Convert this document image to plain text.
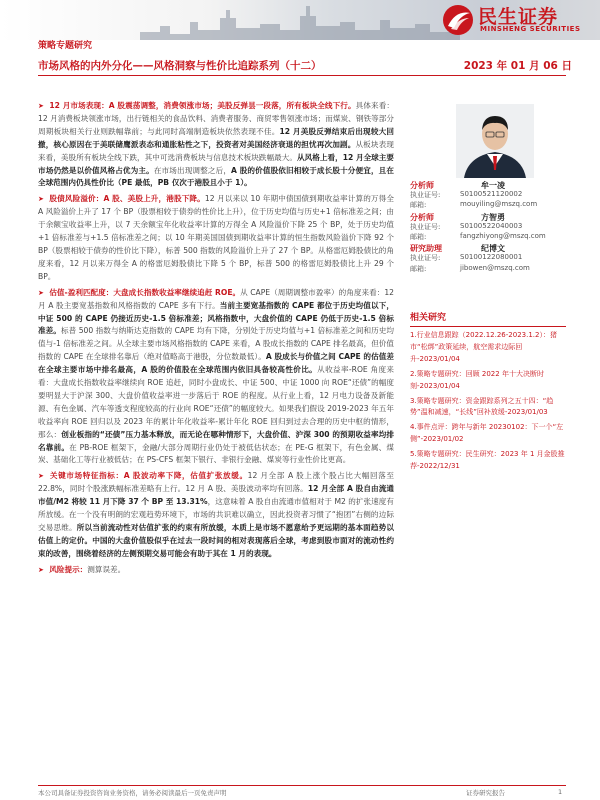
民生证券
MINSHENG SECURITIES
策略专题研究
市场风格的内外分化——风格洞察与性价比追踪系列（十二）	2023 年 01 月 06 日

➤ 12 月市场表现：A 股震荡调整，消费领涨市场；美股反弹昙一段落，所有板块全线下行。具体来看：12 月消费板块领涨市场，出行链相关的食品饮料、消费者服务、商贸零售领涨市场；而煤炭、钢铁等部分周期板块相关行业则跌幅靠前；与此同时高端制造板块依然表现不佳。12 月美股反弹结束后出现较大回撤，核心原因在于美联储鹰派表态和通胀粘性之下，投资者对美国经济衰退的担忧再次加剧。从板块表现来看，美股所有板块全线下跌，其中可选消费板块与信息技术板块跌幅最大。从风格上看，12 月全球主要市场仍然是以价值风格占优为主。在市场出现调整之后，A 股的价值股依旧相较于成长股十分便宜，且在全球范围内仍具性价比（PE 最低，PB 仅次于港股且小于 1）。

➤ 股债风险溢价：A 股、美股上升，港股下降。12 月以来以 10 年期中债国债到期收益率计算的万得全 A 风险溢价上升了 17 个 BP（股票相较于债券的性价比上升），位于历史均值与历史+1 倍标准差之间；由于余额宝收益率上升，以 7 天余额宝年化收益率计算的万得全 A 风险溢价下降 25 个 BP，处于历史均值+1 倍标准差与+1.5 倍标准差之间；以 10 年期美国国债到期收益率计算的恒生指数风险溢价下降 92 个 BP（股票相较于债券的性价比下降），标普 500 指数的风险溢价上升了 27 个 BP。从格雷厄姆股债比的角度来看，12 月以来万得全 A 的格雷厄姆股债比下降 5 个 BP，标普 500 的格雷厄姆股债比上升 29 个 BP。

➤ 估值-盈利匹配度：大盘成长指数收益率继续追赶 ROE。从 CAPE（周期调整市盈率）的角度来看：12 月 A 股主要宽基指数和风格指数的 CAPE 多有下行。当前主要宽基指数的 CAPE 都位于历史均值以下，中证 500 的 CAPE 仍接近历史-1.5 倍标准差；风格指数中，大盘价值的 CAPE 仍低于历史-1.5 倍标准差。标普 500 指数与纳斯达克指数的 CAPE 均有下降，分别处于历史均值与+1 倍标准差之间和历史均值与-1 倍标准差之间。从全球主要市场风格指数的 CAPE 来看，A 股成长指数的 CAPE 排名最高，但价值指数的 CAPE 在全球排名靠后（绝对值略高于港股，分位数最低）。A 股成长与价值之间 CAPE 的估值差在全球主要市场中排名最高，A 股的价值股在全球范围内依旧具备较高性价比。从收益率-ROE 角度来看：大盘成长指数收益率继续向 ROE 追赶，同时小盘成长、中证 500、中证 1000 向 ROE“还债”的幅度要明显大于沪深 300、大盘价值收益率进一步落后于 ROE 的程度。从行业上看，12 月电力设备及新能源、有色金属、汽车等透支程度较高的行业向 ROE“还债”的幅度较大。如果我们假设 2019-2023 年五年收益率向 ROE 回归以及 2023 年的累计年化收益率-累计年化 ROE 回归到过去合理的历史中枢的情形，那么：创业板指的“还债”压力基本释放，而无论在哪种情形下，大盘价值、沪深 300 的预期收益率均排名靠前。在 PB-ROE 框架下，金融/大部分周期行业仍处于被低估状态；在 PE-G 框架下，有色金属、煤炭、基础化工等行业被低估；在 PS-CFS 框架下银行、非银行金融、煤炭等行业性价比更高。

➤ 关键市场特征指标：A 股波动率下降，估值扩张放缓。12 月全部 A 股上涨个股占比大幅回落至 22.8%，同时个股涨跌幅标准差略有上行。12 月 A 股、美股波动率均有回落。12 月全部 A 股自由流通市值/M2 将较 11 月下降 37 个 BP 至 13.31%，这意味着 A 股自由流通市值相对于 M2 的扩张速度有所放缓。在一个没有明朗的宏观趋势环境下，市场的共识难以确立，因此投资者习惯了“抱团”右侧的边际交易思维。所以当前流动性对估值扩张的约束有所放缓，本质上是市场不愿意给予更远期的基本面趋势以估值上的定价。中国的大盘价值股似乎在过去一段时间的相对表现落后全球，考虑到股市面对的流动性约束的改善，围绕着经济的左侧预期交易可能会有助于其在 1 月的表现。

➤ 风险提示：测算误差。

分析师	牟一凌
执业证号:	S0100521120002
邮箱:	mouyiling@mszq.com
分析师	方智勇
执业证号:	S0100522040003
邮箱:	fangzhiyong@mszq.com
研究助理	纪博文
执业证号:	S0100122080001
邮箱:	jibowen@mszq.com
相关研究
1.行业信息跟踪（2022.12.26-2023.1.2）：猪市“松绑”政策延续，航空需求边际回升-2023/01/04
2.策略专题研究：回顾 2022 年十大决断时刻-2023/01/04
3.策略专题研究：资金跟踪系列之五十四：“趋势”温和减速，“长线”回补放缓-2023/01/03
4.事件点评：跨年与新年 20230102：下一个“左侧”-2023/01/02
5.策略专题研究：民生研究：2023 年 1 月金股推荐-2022/12/31
本公司具备证券投资咨询业务资格，请务必阅读最后一页免责声明	证券研究报告	1
